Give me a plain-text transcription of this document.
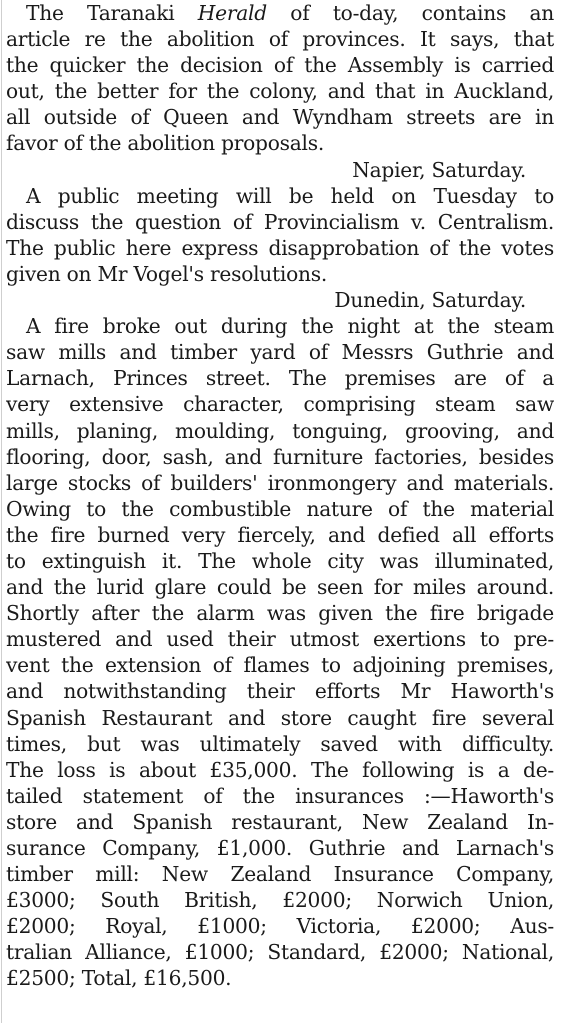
The Taranaki Herald of to-day, contains an
article re the abolition of provinces. It says, that
the quicker the decision of the Assembly is carried
out, the better for the colony, and that in Auckland,
all outside of Queen and Wyndham streets are in
favor of the abolition proposals.
Napier, Saturday.
A public meeting will be held on Tuesday to
discuss the question of Provincialism v. Centralism.
The public here express disapprobation of the votes
given on Mr Vogel's resolutions.
Dunedin, Saturday.
A fire broke out during the night at the steam
saw mills and timber yard of Messrs Guthrie and
Larnach, Princes street. The premises are of a
very extensive character, comprising steam saw
mills, planing, moulding, tonguing, grooving, and
flooring, door, sash, and furniture factories, besides
large stocks of builders' ironmongery and materials.
Owing to the combustible nature of the material
the fire burned very fiercely, and defied all efforts
to extinguish it. The whole city was illuminated,
and the lurid glare could be seen for miles around.
Shortly after the alarm was given the fire brigade
mustered and used their utmost exertions to pre-
vent the extension of flames to adjoining premises,
and notwithstanding their efforts Mr Haworth's
Spanish Restaurant and store caught fire several
times, but was ultimately saved with difficulty.
The loss is about £35,000. The following is a de-
tailed statement of the insurances :—Haworth's
store and Spanish restaurant, New Zealand In-
surance Company, £1,000. Guthrie and Larnach's
timber mill: New Zealand Insurance Company,
£3000; South British, £2000; Norwich Union,
£2000; Royal, £1000; Victoria, £2000; Aus-
tralian Alliance, £1000; Standard, £2000; National,
£2500; Total, £16,500.
